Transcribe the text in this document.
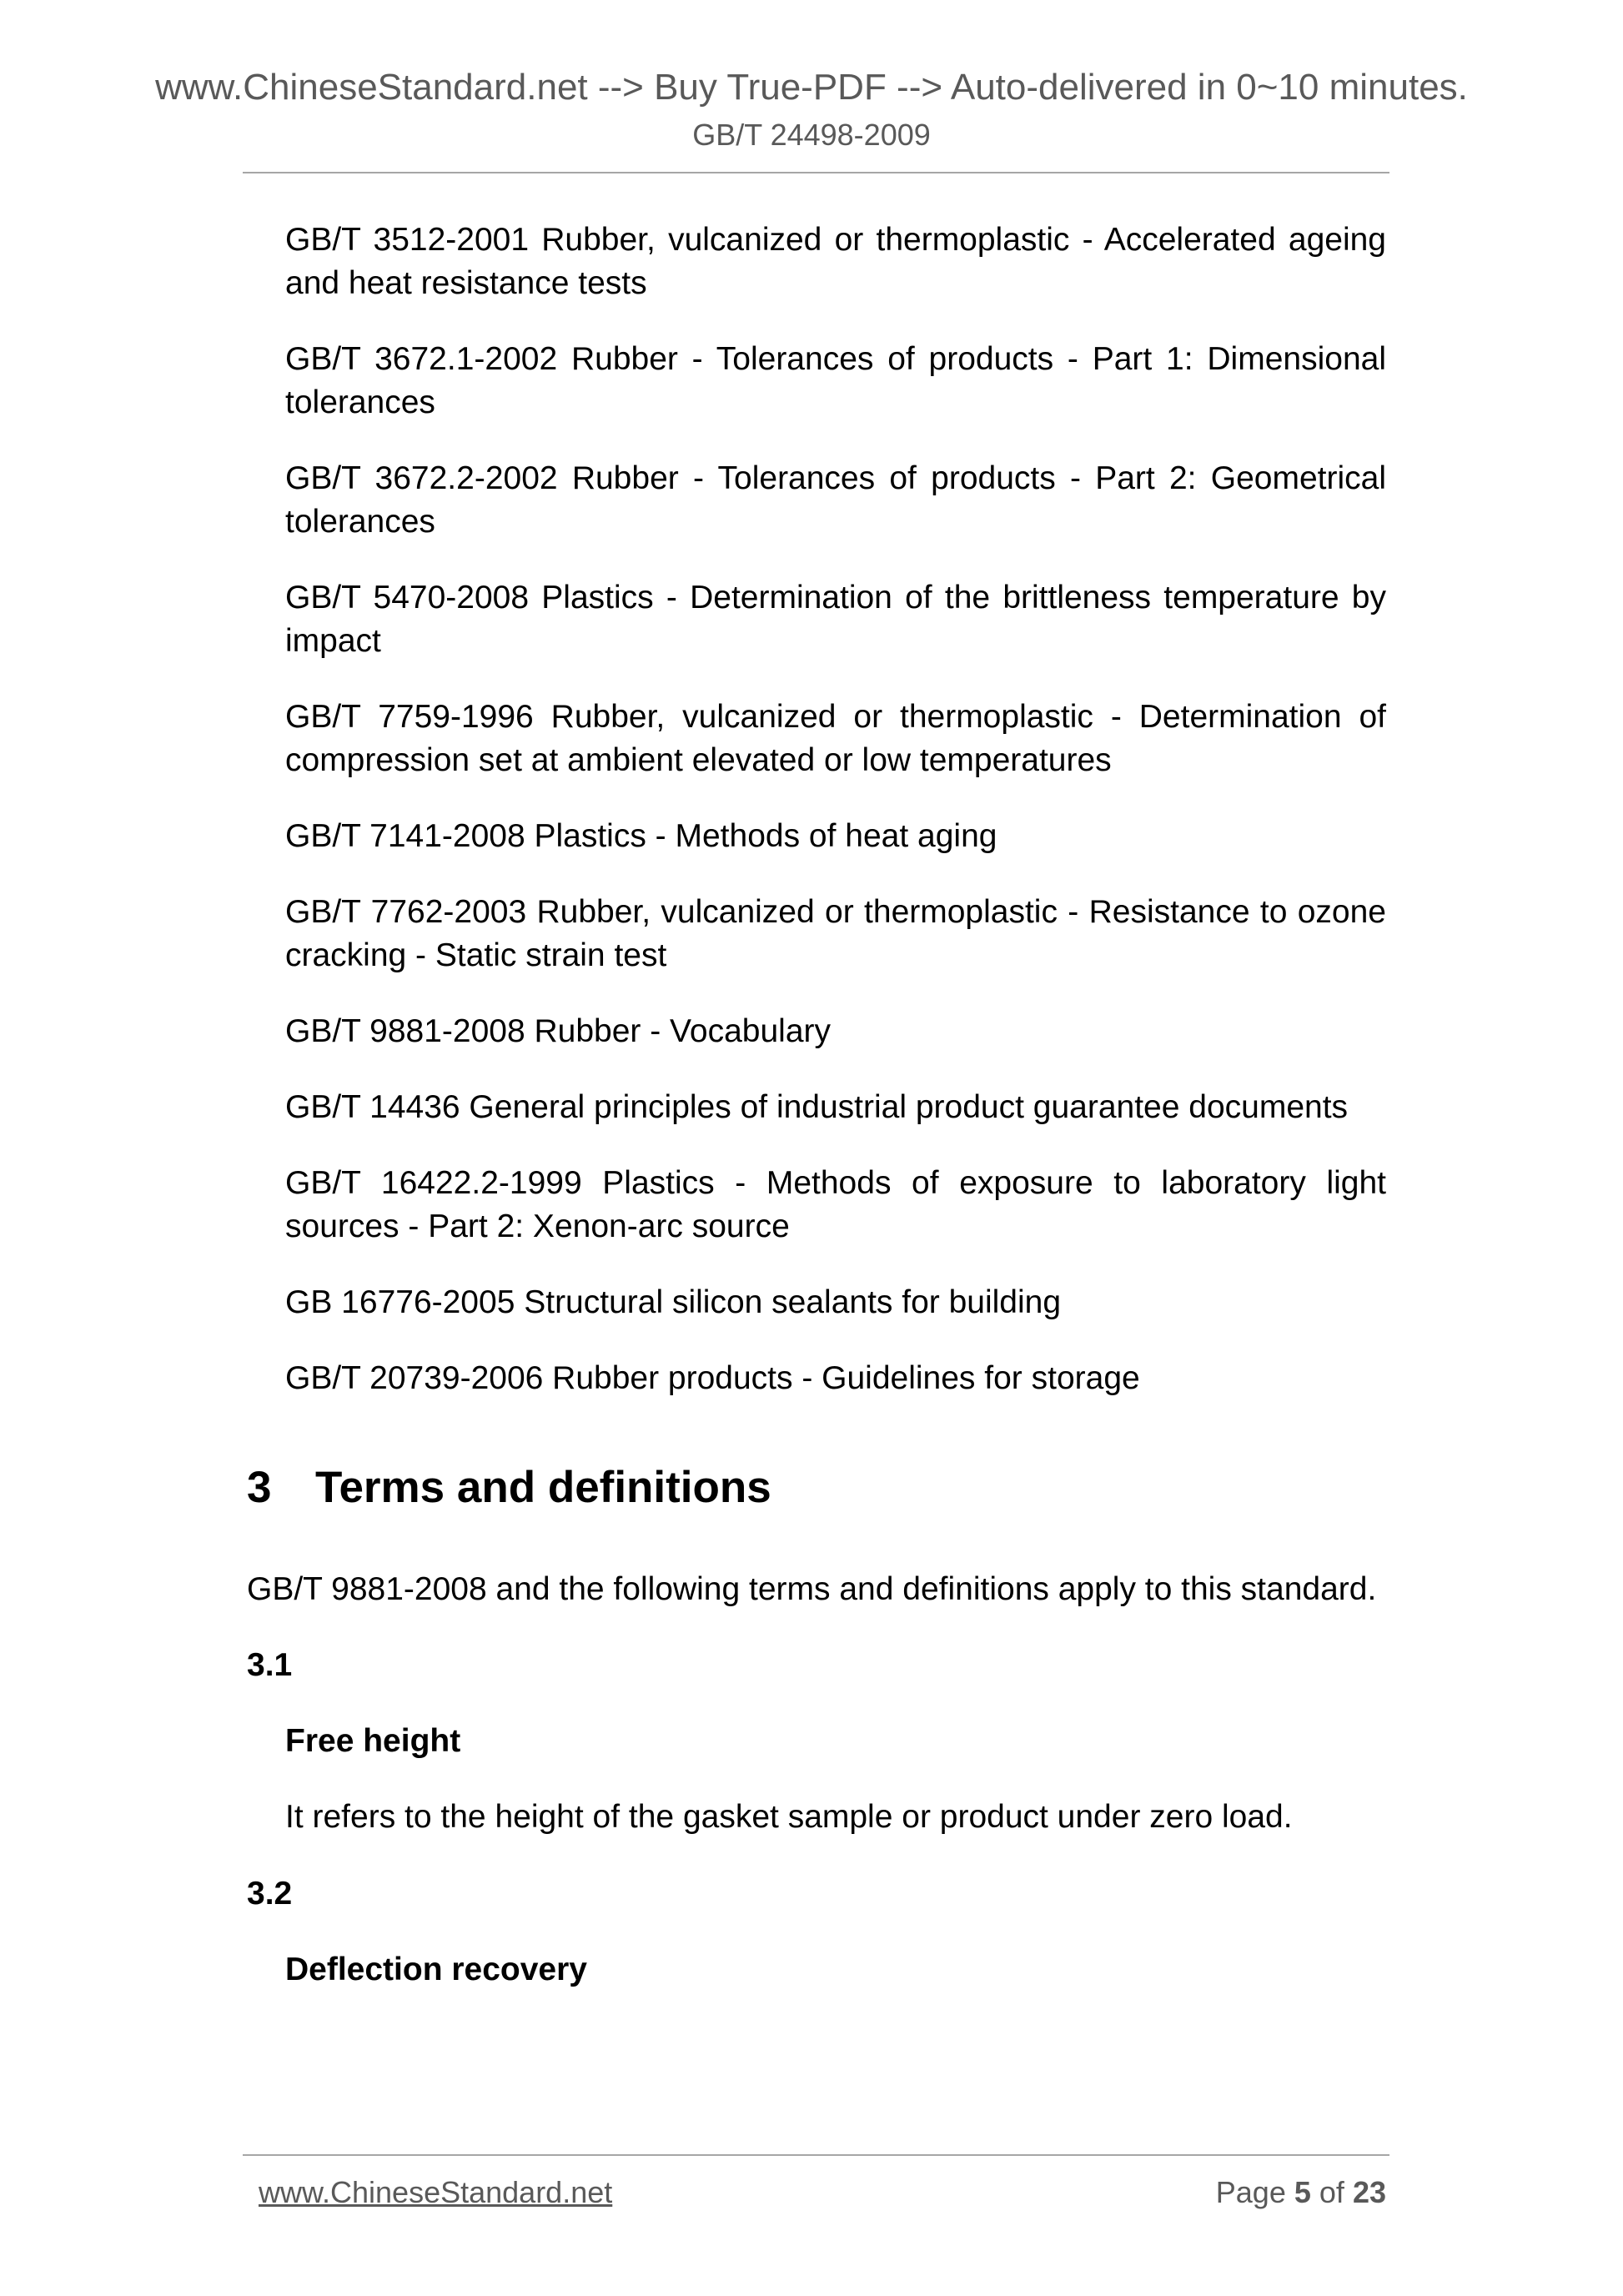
www.ChineseStandard.net --> Buy True-PDF --> Auto-delivered in 0~10 minutes.
GB/T 24498-2009

GB/T 3512-2001 Rubber, vulcanized or thermoplastic - Accelerated ageing and heat resistance tests

GB/T 3672.1-2002 Rubber - Tolerances of products - Part 1: Dimensional tolerances

GB/T 3672.2-2002 Rubber - Tolerances of products - Part 2: Geometrical tolerances

GB/T 5470-2008 Plastics - Determination of the brittleness temperature by impact

GB/T 7759-1996 Rubber, vulcanized or thermoplastic - Determination of compression set at ambient elevated or low temperatures

GB/T 7141-2008 Plastics - Methods of heat aging

GB/T 7762-2003 Rubber, vulcanized or thermoplastic - Resistance to ozone cracking - Static strain test

GB/T 9881-2008 Rubber - Vocabulary

GB/T 14436 General principles of industrial product guarantee documents

GB/T 16422.2-1999 Plastics - Methods of exposure to laboratory light sources - Part 2: Xenon-arc source

GB 16776-2005 Structural silicon sealants for building

GB/T 20739-2006 Rubber products - Guidelines for storage

3 Terms and definitions
GB/T 9881-2008 and the following terms and definitions apply to this standard.
3.1
Free height
It refers to the height of the gasket sample or product under zero load.
3.2
Deflection recovery
www.ChineseStandard.net	Page 5 of 23
